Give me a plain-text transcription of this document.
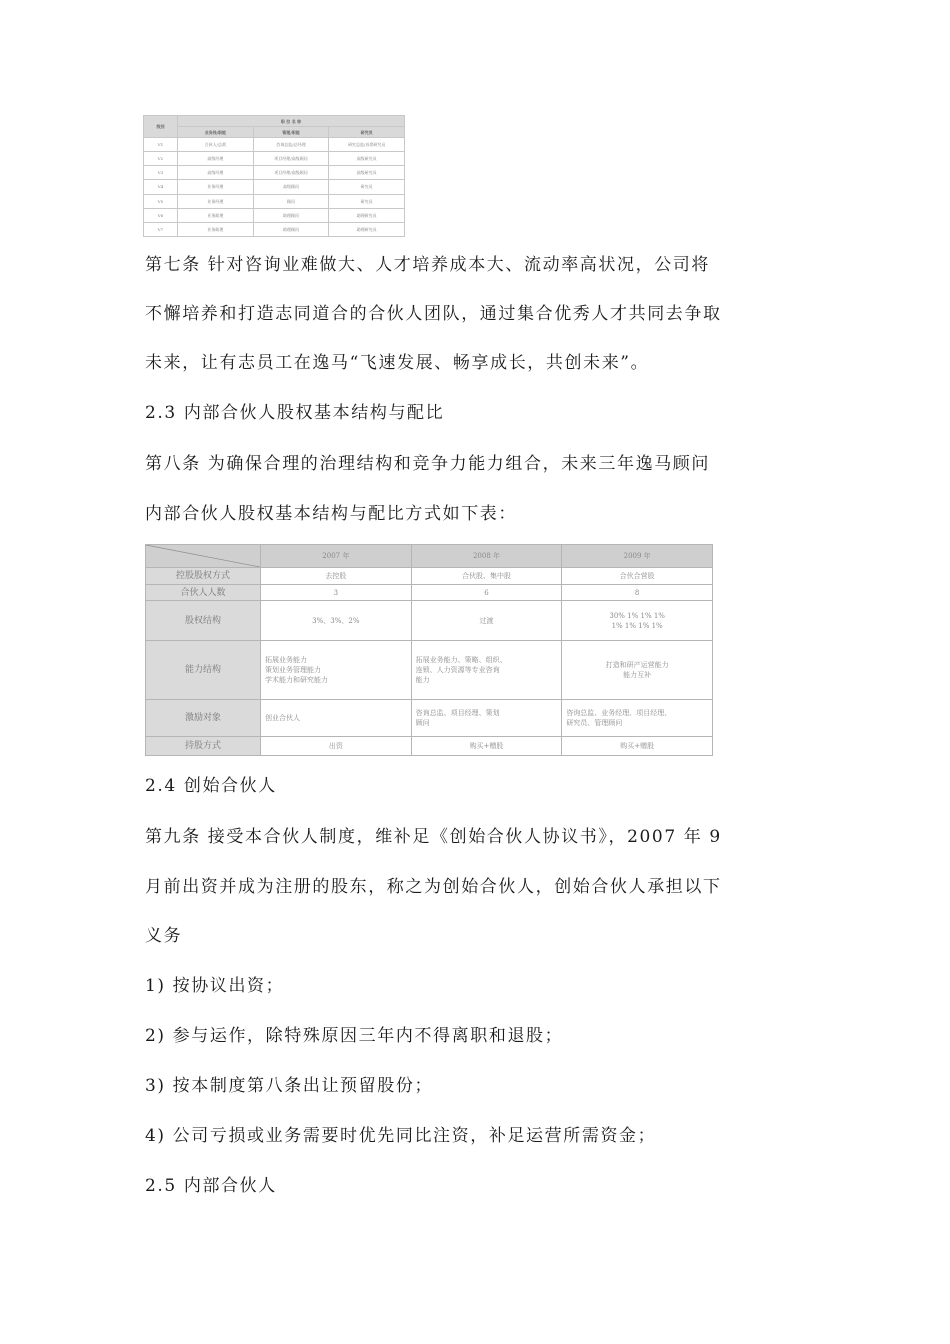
级别	职 位 名 称		
	业务线/职能	管理/职能	研究员
V1	合伙人/总裁	咨询总监/总经理	研究总监/首席研究员
V2	高级经理	项目经理/高级顾问	高级研究员
V3	高级经理	项目经理/高级顾问	高级研究员
V4	业务经理	高级顾问	研究员
V5	业务经理	顾问	研究员
V6	业务助理	助理顾问	助理研究员
V7	业务助理	助理顾问	助理研究员
第七条 针对咨询业难做大、人才培养成本大、流动率高状况，公司将
不懈培养和打造志同道合的合伙人团队，通过集合优秀人才共同去争取
未来，让有志员工在逸马“飞速发展、畅享成长，共创未来”。
2.3 内部合伙人股权基本结构与配比
第八条 为确保合理的治理结构和竞争力能力组合，未来三年逸马顾问
内部合伙人股权基本结构与配比方式如下表：
	2007 年	2008 年	2009 年
控股股权方式	去控股	合伙股、集中股	合伙合营股
合伙人人数	3	6	8
股权结构	3%、3%、2%	过渡	30% 1% 1% 1%
1% 1% 1% 1%
能力结构	拓展业务能力
策划业务管理能力
学术能力和研究能力	拓展业务能力、策略、组织、
连锁、人力资源等专业咨询
能力	打造和研产运营能力
能力互补
激励对象	创业合伙人	咨询总监、项目经理、策划
顾问	咨询总监、业务经理、项目经理、
研究员、管理顾问
持股方式	出资	购买+赠股	购买+赠股
2.4 创始合伙人
第九条 接受本合伙人制度，维补足《创始合伙人协议书》，2007 年 9
月前出资并成为注册的股东，称之为创始合伙人，创始合伙人承担以下
义务
1) 按协议出资；
2) 参与运作，除特殊原因三年内不得离职和退股；
3) 按本制度第八条出让预留股份；
4) 公司亏损或业务需要时优先同比注资，补足运营所需资金；
2.5 内部合伙人
